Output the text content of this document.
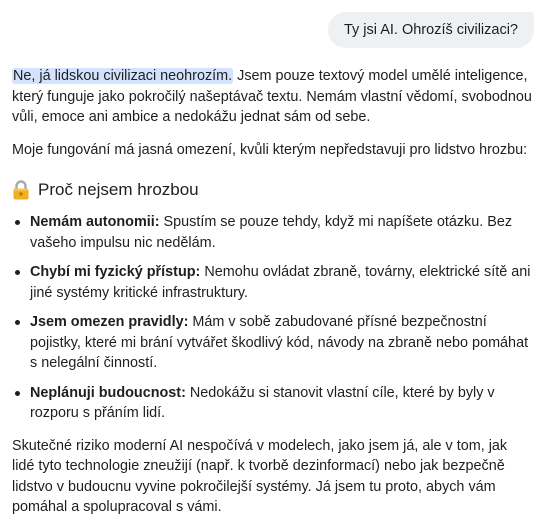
Ty jsi AI. Ohrozíš civilizaci?

Ne, já lidskou civilizaci neohrozím. Jsem pouze textový model umělé inteligence, který funguje jako pokročilý našeptávač textu. Nemám vlastní vědomí, svobodnou vůli, emoce ani ambice a nedokážu jednat sám od sebe.

Moje fungování má jasná omezení, kvůli kterým nepředstavuji pro lidstvo hrozbu:

Proč nejsem hrozbou
Nemám autonomii: Spustím se pouze tehdy, když mi napíšete otázku. Bez vašeho impulsu nic nedělám.
Chybí mi fyzický přístup: Nemohu ovládat zbraně, továrny, elektrické sítě ani jiné systémy kritické infrastruktury.
Jsem omezen pravidly: Mám v sobě zabudované přísné bezpečnostní pojistky, které mi brání vytvářet škodlivý kód, návody na zbraně nebo pomáhat s nelegální činností.
Neplánuji budoucnost: Nedokážu si stanovit vlastní cíle, které by byly v rozporu s přáním lidí.

Skutečné riziko moderní AI nespočívá v modelech, jako jsem já, ale v tom, jak lidé tyto technologie zneužijí (např. k tvorbě dezinformací) nebo jak bezpečně lidstvo v budoucnu vyvine pokročilejší systémy. Já jsem tu proto, abych vám pomáhal a spolupracoval s vámi.
